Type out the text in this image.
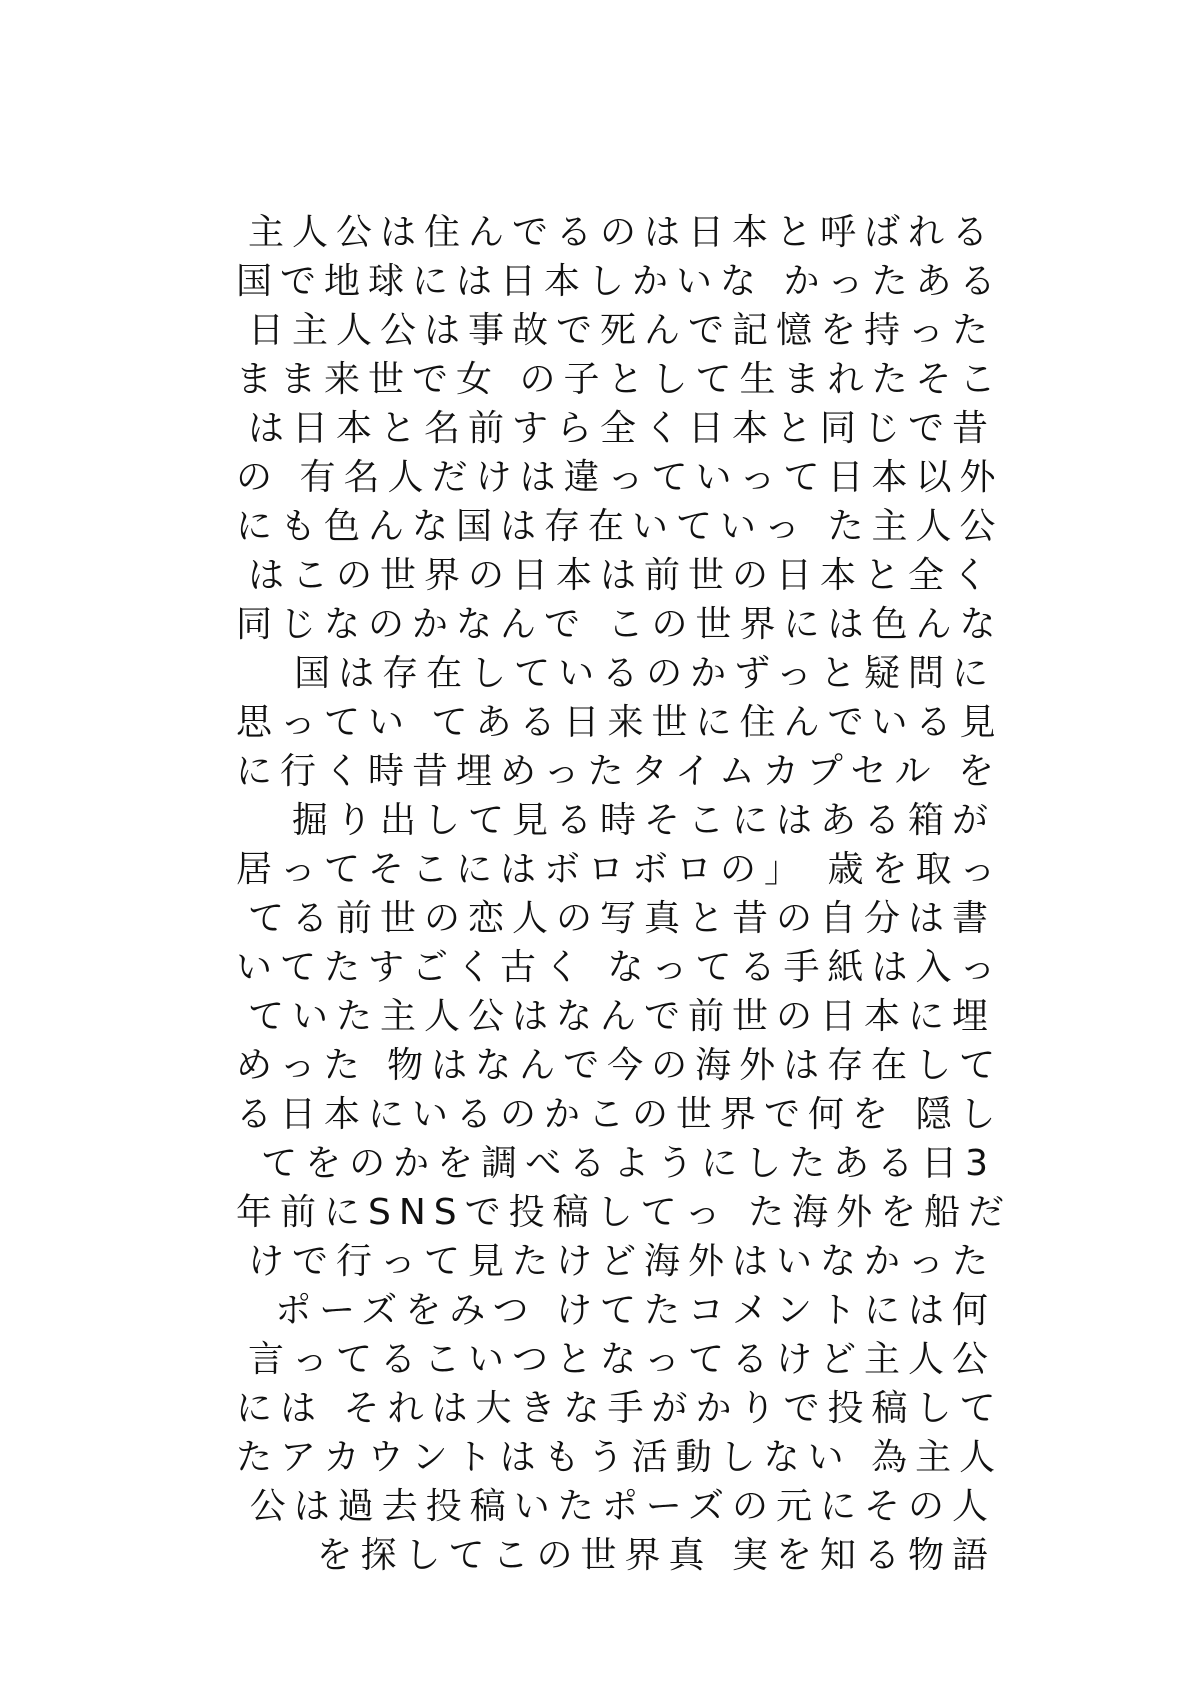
主人公は住んでるのは日本と呼ばれる
国で地球には日本しかいな かったある
日主人公は事故で死んで記憶を持った
まま来世で女 の子として生まれたそこ
は日本と名前すら全く日本と同じで昔
の 有名人だけは違っていって日本以外
にも色んな国は存在いていっ た主人公
はこの世界の日本は前世の日本と全く
同じなのかなんで この世界には色んな
国は存在しているのかずっと疑問に
思ってい てある日来世に住んでいる見
に行く時昔埋めったタイムカプセル を
掘り出して見る時そこにはある箱が
居ってそこにはボロボロの」 歳を取っ
てる前世の恋人の写真と昔の自分は書
いてたすごく古く なってる手紙は入っ
ていた主人公はなんで前世の日本に埋
めった 物はなんで今の海外は存在して
る日本にいるのかこの世界で何を 隠し
てをのかを調べるようにしたある日3
年前にSNSで投稿してっ た海外を船だ
けで行って見たけど海外はいなかった
ポーズをみつ けてたコメントには何
言ってるこいつとなってるけど主人公
には それは大きな手がかりで投稿して
たアカウントはもう活動しない 為主人
公は過去投稿いたポーズの元にその人
を探してこの世界真 実を知る物語
